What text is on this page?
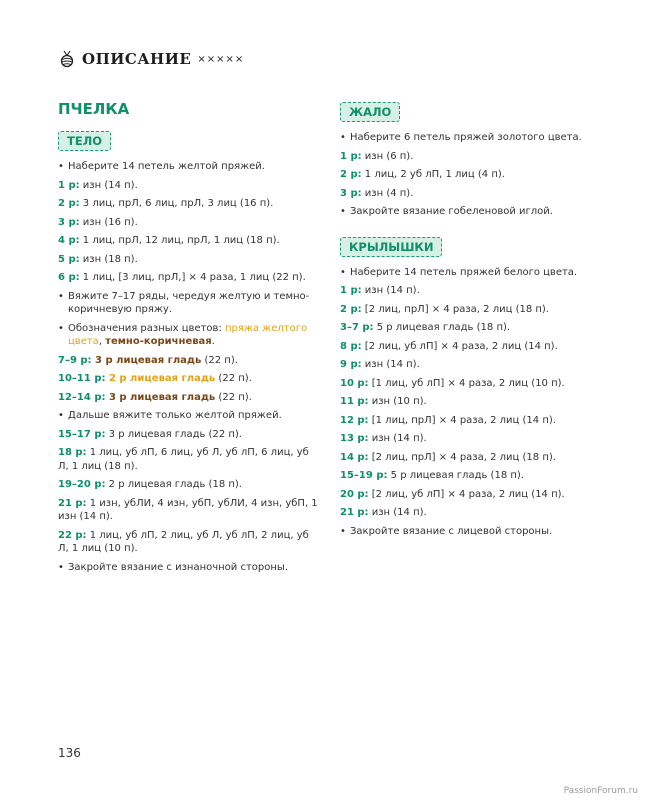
ОПИСАНИЕ ×××××
ПЧЕЛКА
ТЕЛО
• Наберите 14 петель желтой пряжей.
1 р: изн (14 п).
2 р: 3 лиц, прЛ, 6 лиц, прЛ, 3 лиц (16 п).
3 р: изн (16 п).
4 р: 1 лиц, прЛ, 12 лиц, прЛ, 1 лиц (18 п).
5 р: изн (18 п).
6 р: 1 лиц, [3 лиц, прЛ,] × 4 раза, 1 лиц (22 п).
• Вяжите 7–17 ряды, чередуя желтую и темно-коричневую пряжу.
• Обозначения разных цветов: пряжа желтого цвета, темно-коричневая.
7–9 р: 3 р лицевая гладь (22 п).
10–11 р: 2 р лицевая гладь (22 п).
12–14 р: 3 р лицевая гладь (22 п).
• Дальше вяжите только желтой пряжей.
15–17 р: 3 р лицевая гладь (22 п).
18 р: 1 лиц, уб лП, 6 лиц, уб Л, уб лП, 6 лиц, уб Л, 1 лиц (18 п).
19–20 р: 2 р лицевая гладь (18 п).
21 р: 1 изн, убЛИ, 4 изн, убП, убЛИ, 4 изн, убП, 1 изн (14 п).
22 р: 1 лиц, уб лП, 2 лиц, уб Л, уб лП, 2 лиц, уб Л, 1 лиц (10 п).
• Закройте вязание с изнаночной стороны.
ЖАЛО
• Наберите 6 петель пряжей золотого цвета.
1 р: изн (6 п).
2 р: 1 лиц, 2 уб лП, 1 лиц (4 п).
3 р: изн (4 п).
• Закройте вязание гобеленовой иглой.
КРЫЛЫШКИ
• Наберите 14 петель пряжей белого цвета.
1 р: изн (14 п).
2 р: [2 лиц, прЛ] × 4 раза, 2 лиц (18 п).
3–7 р: 5 р лицевая гладь (18 п).
8 р: [2 лиц, уб лП] × 4 раза, 2 лиц (14 п).
9 р: изн (14 п).
10 р: [1 лиц, уб лП] × 4 раза, 2 лиц (10 п).
11 р: изн (10 п).
12 р: [1 лиц, прЛ] × 4 раза, 2 лиц (14 п).
13 р: изн (14 п).
14 р: [2 лиц, прЛ] × 4 раза, 2 лиц (18 п).
15–19 р: 5 р лицевая гладь (18 п).
20 р: [2 лиц, уб лП] × 4 раза, 2 лиц (14 п).
21 р: изн (14 п).
• Закройте вязание с лицевой стороны.
136
PassionForum.ru
